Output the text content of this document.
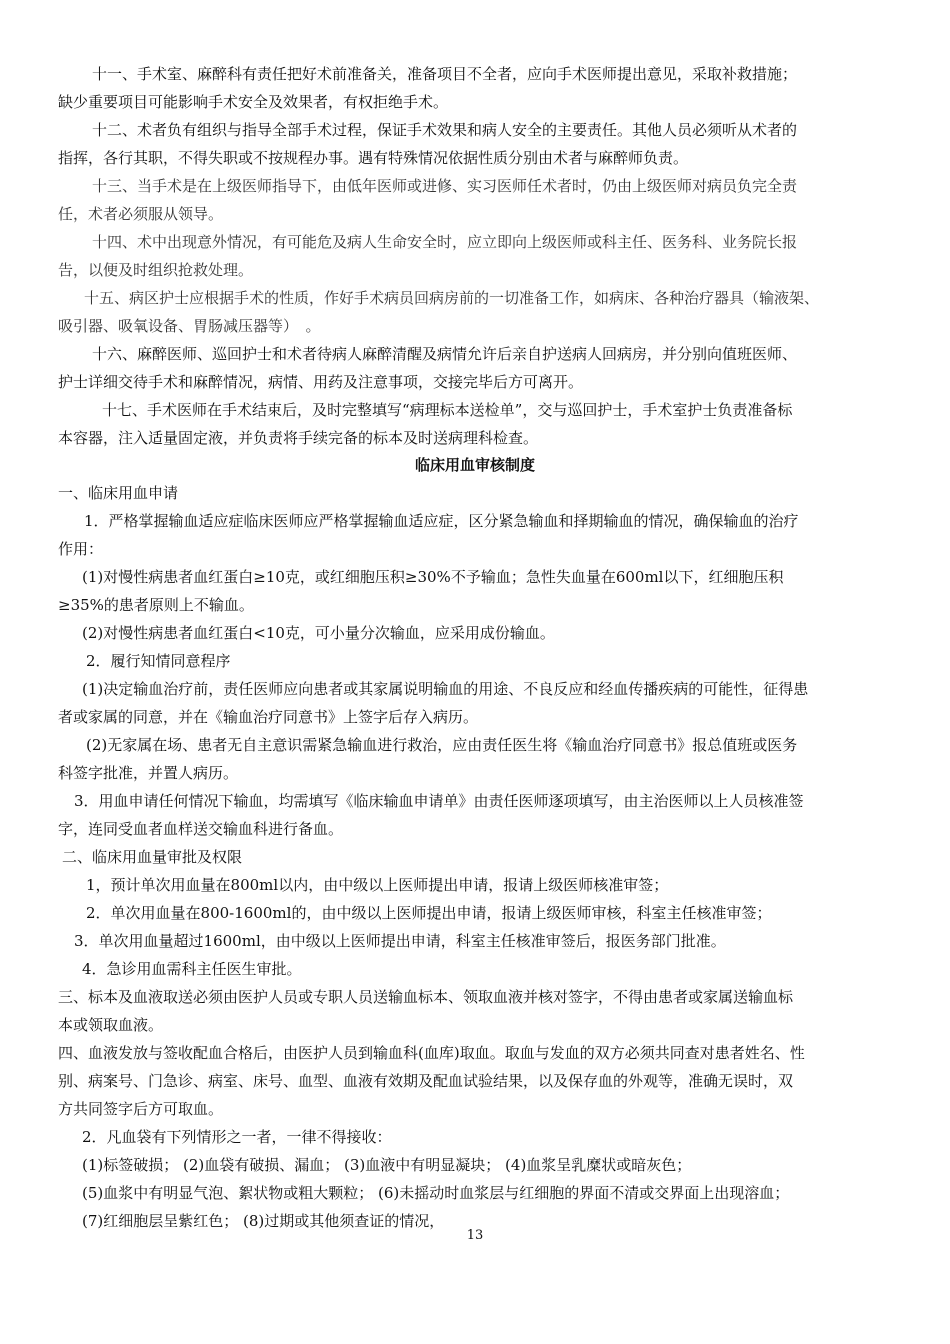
十一、手术室、麻醉科有责任把好术前准备关，准备项目不全者，应向手术医师提出意见，采取补救措施；
缺少重要项目可能影响手术安全及效果者，有权拒绝手术。
十二、术者负有组织与指导全部手术过程，保证手术效果和病人安全的主要责任。其他人员必须听从术者的
指挥，各行其职，不得失职或不按规程办事。遇有特殊情况依据性质分别由术者与麻醉师负责。
十三、当手术是在上级医师指导下，由低年医师或进修、实习医师任术者时，仍由上级医师对病员负完全责
任，术者必须服从领导。
十四、术中出现意外情况，有可能危及病人生命安全时，应立即向上级医师或科主任、医务科、业务院长报
告，以便及时组织抢救处理。
十五、病区护士应根据手术的性质，作好手术病员回病房前的一切准备工作，如病床、各种治疗器具（输液架、
吸引器、吸氧设备、胃肠减压器等）　。
十六、麻醉医师、巡回护士和术者待病人麻醉清醒及病情允许后亲自护送病人回病房，并分别向值班医师、
护士详细交待手术和麻醉情况，病情、用药及注意事项，交接完毕后方可离开。
十七、手术医师在手术结束后，及时完整填写“病理标本送检单”，交与巡回护士，手术室护士负责准备标
本容器，注入适量固定液，并负责将手续完备的标本及时送病理科检查。
临床用血审核制度
一、临床用血申请
1．严格掌握输血适应症临床医师应严格掌握输血适应症，区分紧急输血和择期输血的情况，确保输血的治疗
作用：
(1)对慢性病患者血红蛋白≥10克，或红细胞压积≥30%不予输血；急性失血量在600ml以下，红细胞压积
≥35%的患者原则上不输血。
(2)对慢性病患者血红蛋白<10克，可小量分次输血，应采用成份输血。
2．履行知情同意程序
(1)决定输血治疗前，责任医师应向患者或其家属说明输血的用途、不良反应和经血传播疾病的可能性，征得患
者或家属的同意，并在《输血治疗同意书》上签字后存入病历。
(2)无家属在场、患者无自主意识需紧急输血进行救治，应由责任医生将《输血治疗同意书》报总值班或医务
科签字批准，并置人病历。
3．用血申请任何情况下输血，均需填写《临床输血申请单》由责任医师逐项填写，由主治医师以上人员核准签
字，连同受血者血样送交输血科进行备血。
二、临床用血量审批及权限
1，预计单次用血量在800ml以内，由中级以上医师提出申请，报请上级医师核准审签；
2．单次用血量在800-1600ml的，由中级以上医师提出申请，报请上级医师审核，科室主任核准审签；
3．单次用血量超过1600ml，由中级以上医师提出申请，科室主任核准审签后，报医务部门批准。
4．急诊用血需科主任医生审批。
三、标本及血液取送必须由医护人员或专职人员送输血标本、领取血液并核对签字，不得由患者或家属送输血标
本或领取血液。
四、血液发放与签收配血合格后，由医护人员到输血科(血库)取血。取血与发血的双方必须共同查对患者姓名、性
别、病案号、门急诊、病室、床号、血型、血液有效期及配血试验结果，以及保存血的外观等，准确无误时，双
方共同签字后方可取血。
2．凡血袋有下列情形之一者，一律不得接收：
(1)标签破损； (2)血袋有破损、漏血； (3)血液中有明显凝块； (4)血浆呈乳糜状或暗灰色；
(5)血浆中有明显气泡、絮状物或粗大颗粒； (6)未摇动时血浆层与红细胞的界面不清或交界面上出现溶血；
(7)红细胞层呈紫红色； (8)过期或其他须查证的情况，
13
